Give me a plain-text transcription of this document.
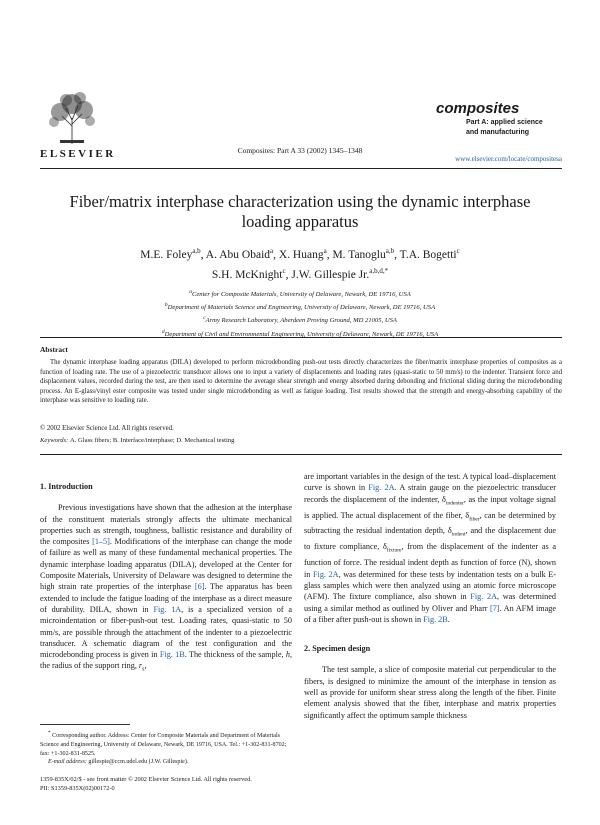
ELSEVIER	Composites: Part A 33 (2002) 1345–1348
composites
Part A: applied science
and manufacturing
www.elsevier.com/locate/compositesa
Fiber/matrix interphase characterization using the dynamic interphase loading apparatus
M.E. Foley$^{a,b}$, A. Abu Obaid$^a$, X. Huang$^a$, M. Tanoglu$^{a,b}$, T.A. Bogetti$^c$
S.H. McKnight$^c$, J.W. Gillespie Jr.$^{a,b,d,*}$
$^a$Center for Composite Materials, University of Delaware, Newark, DE 19716, USA
$^b$Department of Materials Science and Engineering, University of Delaware, Newark, DE 19716, USA
$^c$Army Research Laboratory, Aberdeen Proving Ground, MD 21005, USA
$^d$Department of Civil and Environmental Engineering, University of Delaware, Newark, DE 19716, USA
Abstract
The dynamic interphase loading apparatus (DILA) developed to perform microdebonding push-out tests directly characterizes the fiber/matrix interphase properties of composites as a function of loading rate. The use of a piezoelectric transducer allows one to input a variety of displacements and loading rates (quasi-static to 50 mm/s) to the indenter. Transient force and displacement values, recorded during the test, are then used to determine the average shear strength and energy absorbed during debonding and frictional sliding during the microdebonding process. An E-glass/vinyl ester composite was tested under single microdebonding as well as fatigue loading. Test results showed that the strength and energy-absorbing capability of the interphase was sensitive to loading rate.
© 2002 Elsevier Science Ltd. All rights reserved.
Keywords: A. Glass fibers; B. Interface/interphase; D. Mechanical testing
1. Introduction

Previous investigations have shown that the adhesion at the interphase of the constituent materials strongly affects the ultimate mechanical properties such as strength, toughness, ballistic resistance and durability of the composites [1–5]. Modifications of the interphase can change the mode of failure as well as many of these fundamental mechanical properties. The dynamic interphase loading apparatus (DILA), developed at the Center for Composite Materials, University of Delaware was designed to determine the high strain rate properties of the interphase [6]. The apparatus has been extended to include the fatigue loading of the interphase as a direct measure of durability. DILA, shown in Fig. 1A, is a specialized version of a microindentation or fiber-push-out test. Loading rates, quasi-static to 50 mm/s, are possible through the attachment of the indenter to a piezoelectric transducer. A schematic diagram of the test configuration and the microdebonding process is given in Fig. 1B. The thickness of the sample, h, the radius of the support ring, $r_s$,

* Corresponding author. Address: Center for Composite Materials and Department of Materials Science and Engineering, University of Delaware, Newark, DE 19716, USA. Tel.: +1-302-831-8702; fax: +1-302-831-8525.
E-mail address: gillespie@ccm.udel.edu (J.W. Gillespie).

are important variables in the design of the test. A typical load–displacement curve is shown in Fig. 2A. A strain gauge on the piezoelectric transducer records the displacement of the indenter, $\delta_{indenter}$, as the input voltage signal is applied. The actual displacement of the fiber, $\delta_{fiber}$, can be determined by subtracting the residual indentation depth, $\delta_{indent}$, and the displacement due to fixture compliance, $\delta_{fixture}$, from the displacement of the indenter as a function of force. The residual indent depth as function of force (N), shown in Fig. 2A, was determined for these tests by indentation tests on a bulk E-glass samples which were then analyzed using an atomic force microscope (AFM). The fixture compliance, also shown in Fig. 2A, was determined using a similar method as outlined by Oliver and Pharr [7]. An AFM image of a fiber after push-out is shown in Fig. 2B.

2. Specimen design

The test sample, a slice of composite material cut perpendicular to the fibers, is designed to minimize the amount of the interphase in tension as well as provide for uniform shear stress along the length of the fiber. Finite element analysis showed that the fiber, interphase and matrix properties significantly affect the optimum sample thickness

1359-835X/02/$ - see front matter © 2002 Elsevier Science Ltd. All rights reserved.
PII: S1359-835X(02)00172-0
